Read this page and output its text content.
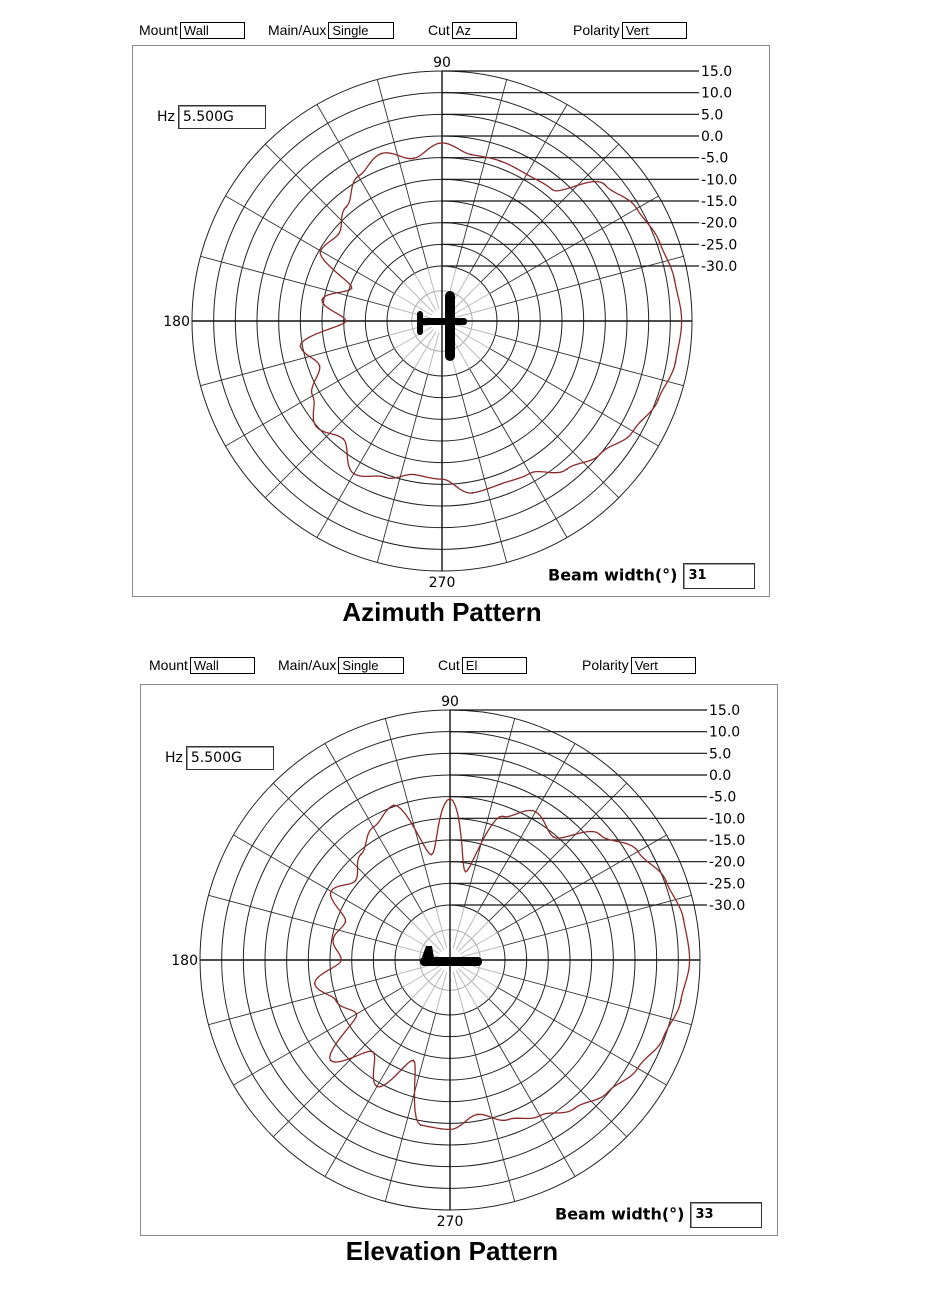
Mount Wall	Main/Aux Single	Cut Az	Polarity Vert
15.0
10.0
5.0
0.0
-5.0
-10.0
-15.0
-20.0
-25.0
-30.0
90
180
270
Hz 5.500G
Beam width(°) 31
Azimuth Pattern
Mount Wall	Main/Aux Single	Cut El	Polarity Vert
15.0
10.0
5.0
0.0
-5.0
-10.0
-15.0
-20.0
-25.0
-30.0
90
180
270
Hz 5.500G
Beam width(°) 33
Elevation Pattern
